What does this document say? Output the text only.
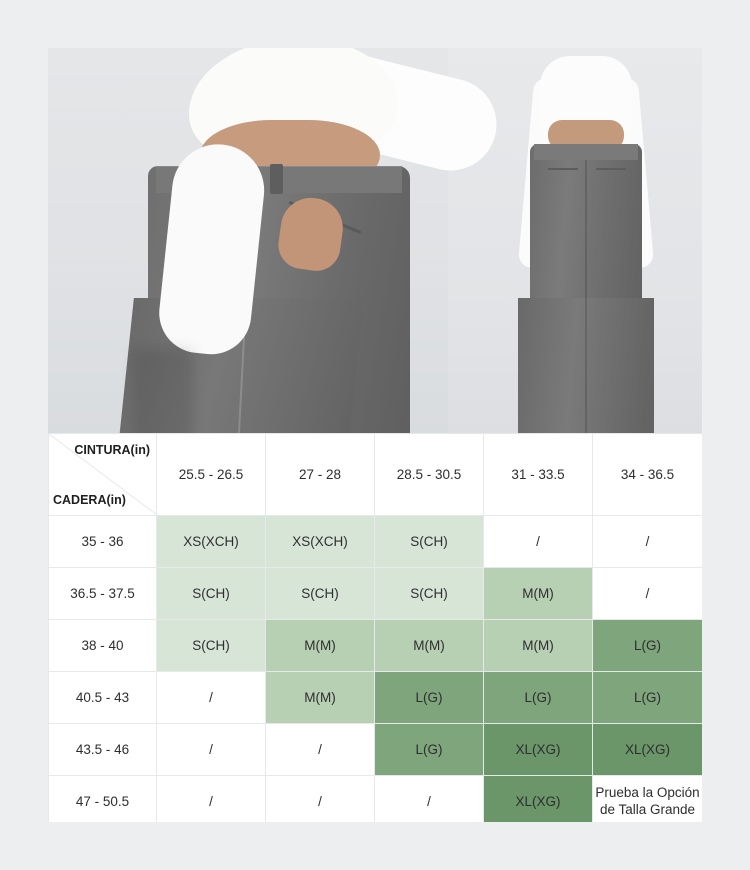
CINTURA(in)
CADERA(in)	25.5 - 26.5	27 - 28	28.5 - 30.5	31 - 33.5	34 - 36.5
35 - 36	XS(XCH)	XS(XCH)	S(CH)	/	/
36.5 - 37.5	S(CH)	S(CH)	S(CH)	M(M)	/
38 - 40	S(CH)	M(M)	M(M)	M(M)	L(G)
40.5 - 43	/	M(M)	L(G)	L(G)	L(G)
43.5 - 46	/	/	L(G)	XL(XG)	XL(XG)
47 - 50.5	/	/	/	XL(XG)	Prueba la Opción de Talla Grande
